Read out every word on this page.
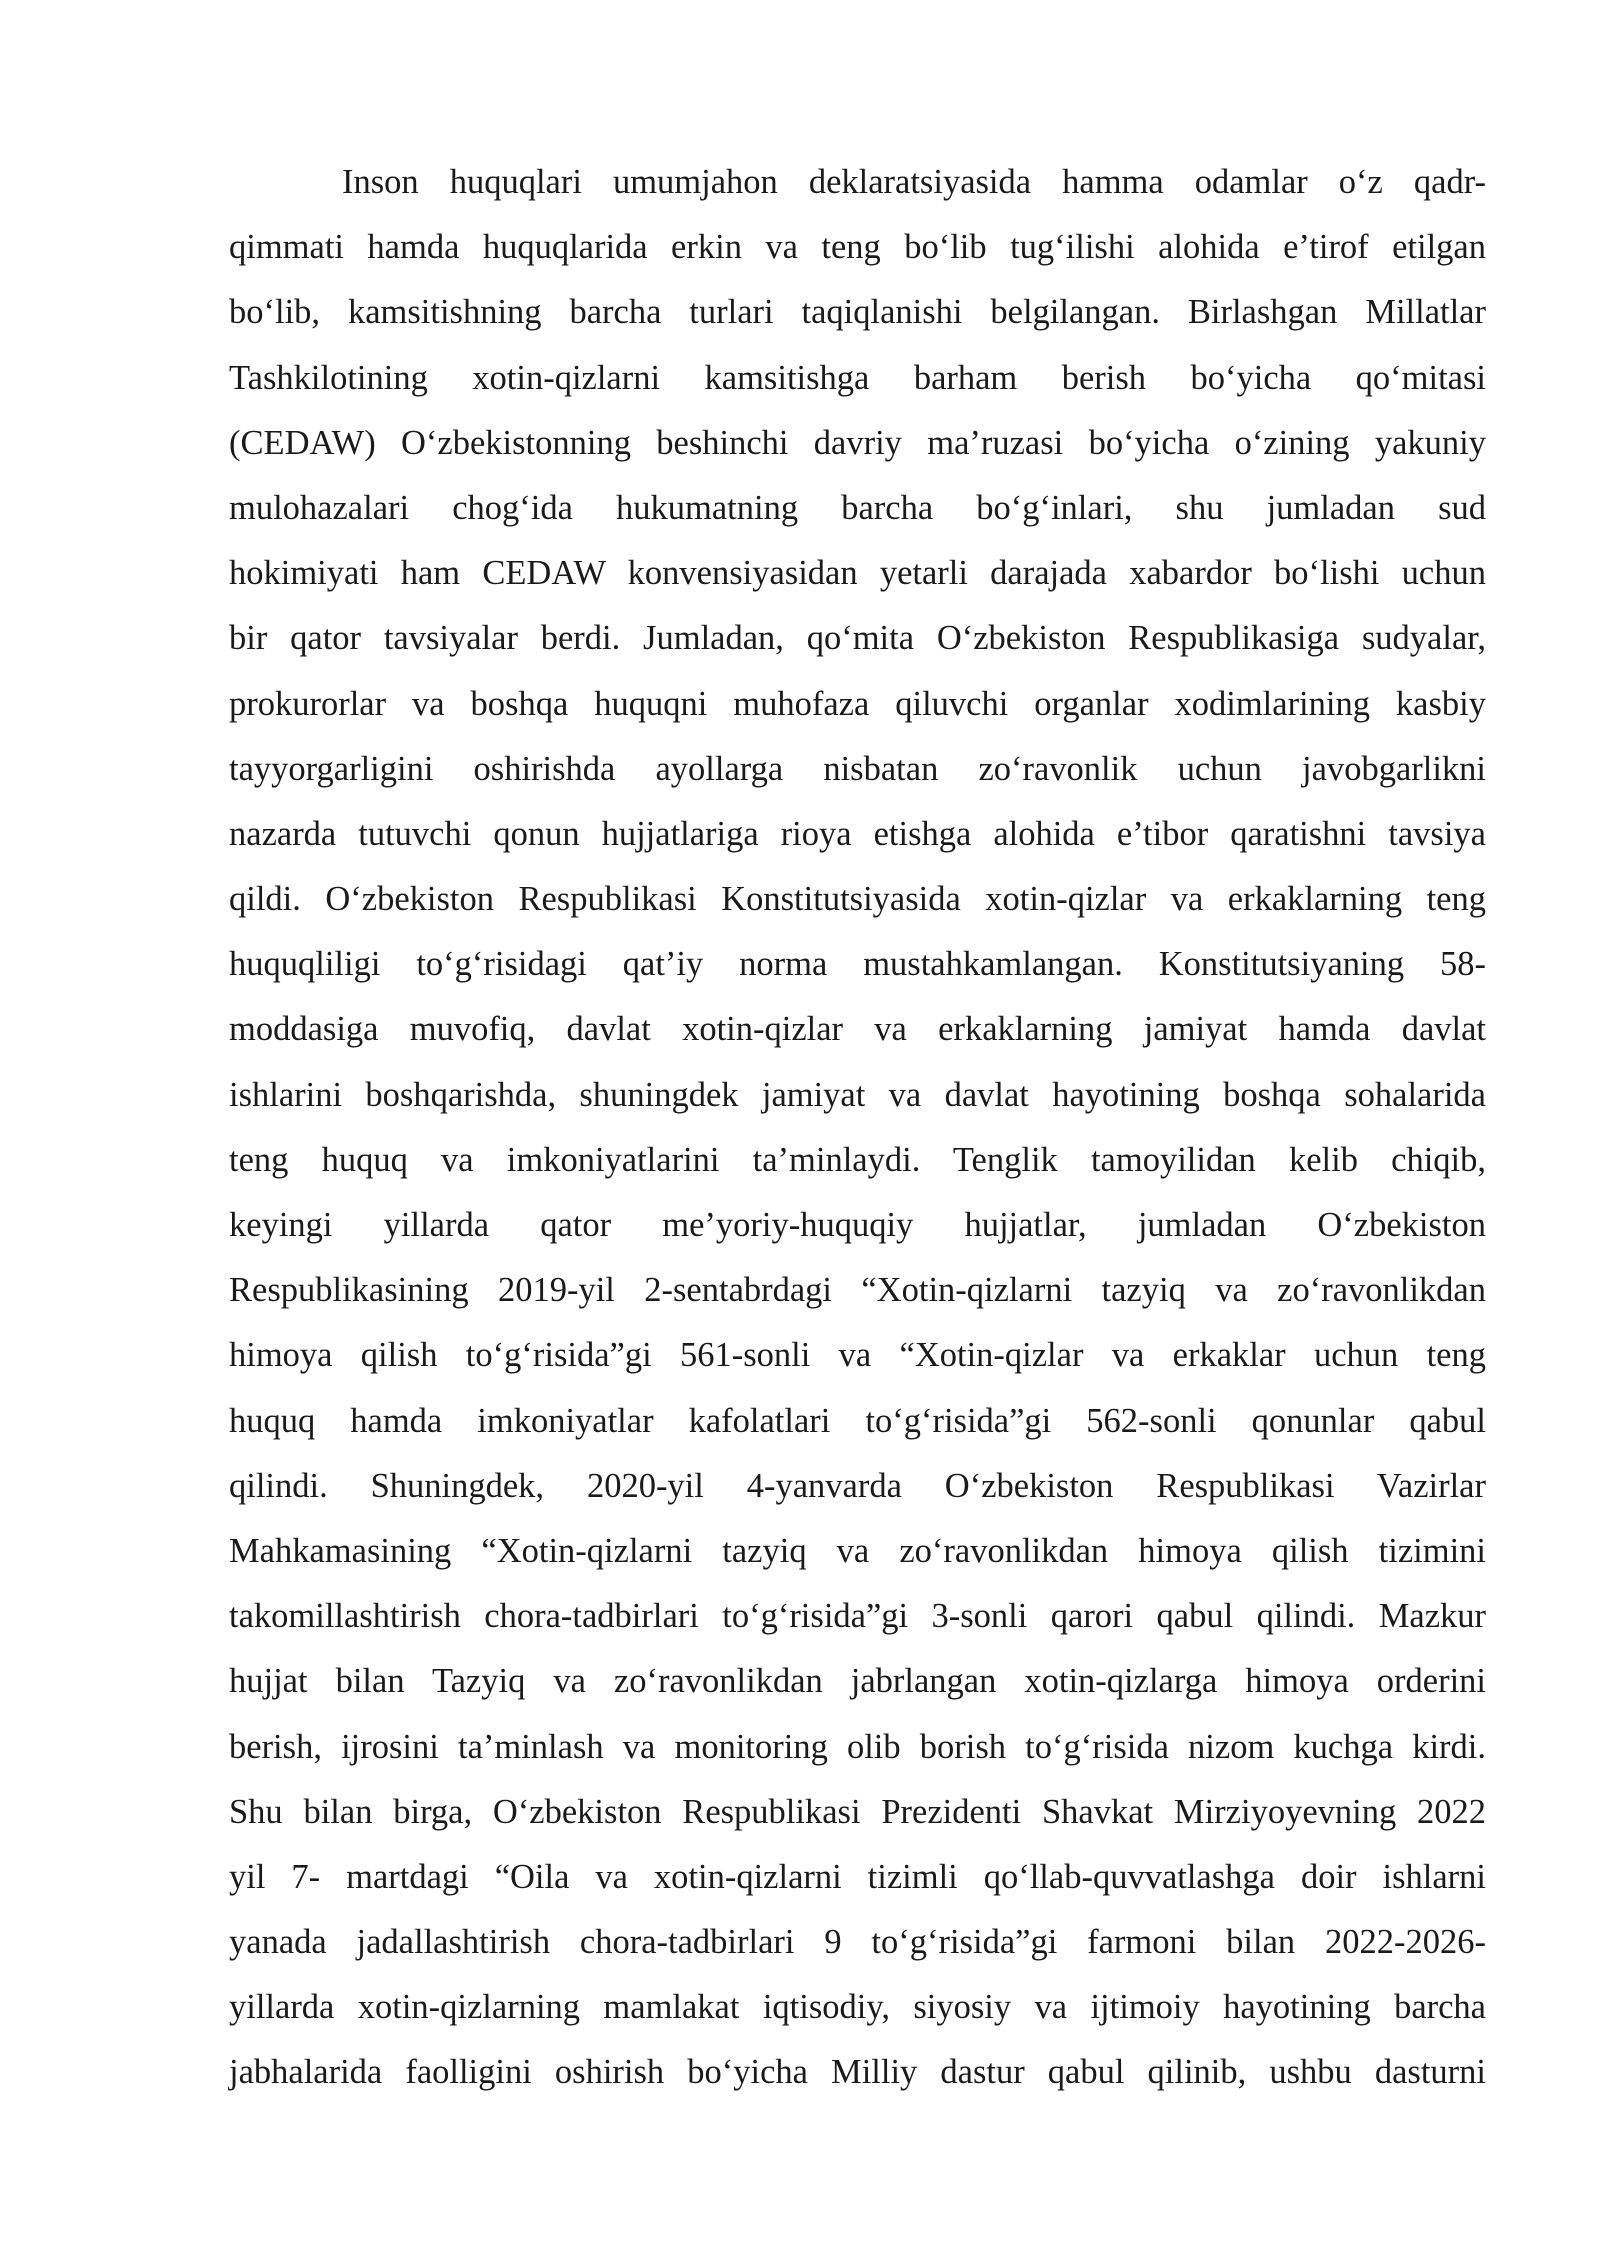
Inson huquqlari umumjahon deklaratsiyasida hamma odamlar o‘z qadr-
qimmati hamda huquqlarida erkin va teng bo‘lib tug‘ilishi alohida e’tirof etilgan
bo‘lib, kamsitishning barcha turlari taqiqlanishi belgilangan. Birlashgan Millatlar
Tashkilotining xotin-qizlarni kamsitishga barham berish bo‘yicha qo‘mitasi
(CEDAW) O‘zbekistonning beshinchi davriy ma’ruzasi bo‘yicha o‘zining yakuniy
mulohazalari chog‘ida hukumatning barcha bo‘g‘inlari, shu jumladan sud
hokimiyati ham CEDAW konvensiyasidan yetarli darajada xabardor bo‘lishi uchun
bir qator tavsiyalar berdi. Jumladan, qo‘mita O‘zbekiston Respublikasiga sudyalar,
prokurorlar va boshqa huquqni muhofaza qiluvchi organlar xodimlarining kasbiy
tayyorgarligini oshirishda ayollarga nisbatan zo‘ravonlik uchun javobgarlikni
nazarda tutuvchi qonun hujjatlariga rioya etishga alohida e’tibor qaratishni tavsiya
qildi. O‘zbekiston Respublikasi Konstitutsiyasida xotin-qizlar va erkaklarning teng
huquqliligi to‘g‘risidagi qat’iy norma mustahkamlangan. Konstitutsiyaning 58-
moddasiga muvofiq, davlat xotin-qizlar va erkaklarning jamiyat hamda davlat
ishlarini boshqarishda, shuningdek jamiyat va davlat hayotining boshqa sohalarida
teng huquq va imkoniyatlarini ta’minlaydi. Tenglik tamoyilidan kelib chiqib,
keyingi yillarda qator me’yoriy-huquqiy hujjatlar, jumladan O‘zbekiston
Respublikasining 2019-yil 2-sentabrdagi “Xotin-qizlarni tazyiq va zo‘ravonlikdan
himoya qilish to‘g‘risida”gi 561-sonli va “Xotin-qizlar va erkaklar uchun teng
huquq hamda imkoniyatlar kafolatlari to‘g‘risida”gi 562-sonli qonunlar qabul
qilindi. Shuningdek, 2020-yil 4-yanvarda O‘zbekiston Respublikasi Vazirlar
Mahkamasining “Xotin-qizlarni tazyiq va zo‘ravonlikdan himoya qilish tizimini
takomillashtirish chora-tadbirlari to‘g‘risida”gi 3-sonli qarori qabul qilindi. Mazkur
hujjat bilan Tazyiq va zo‘ravonlikdan jabrlangan xotin-qizlarga himoya orderini
berish, ijrosini ta’minlash va monitoring olib borish to‘g‘risida nizom kuchga kirdi.
Shu bilan birga, O‘zbekiston Respublikasi Prezidenti Shavkat Mirziyoyevning 2022
yil 7- martdagi “Oila va xotin-qizlarni tizimli qo‘llab-quvvatlashga doir ishlarni
yanada jadallashtirish chora-tadbirlari 9 to‘g‘risida”gi farmoni bilan 2022-2026-
yillarda xotin-qizlarning mamlakat iqtisodiy, siyosiy va ijtimoiy hayotining barcha
jabhalarida faolligini oshirish bo‘yicha Milliy dastur qabul qilinib, ushbu dasturni
